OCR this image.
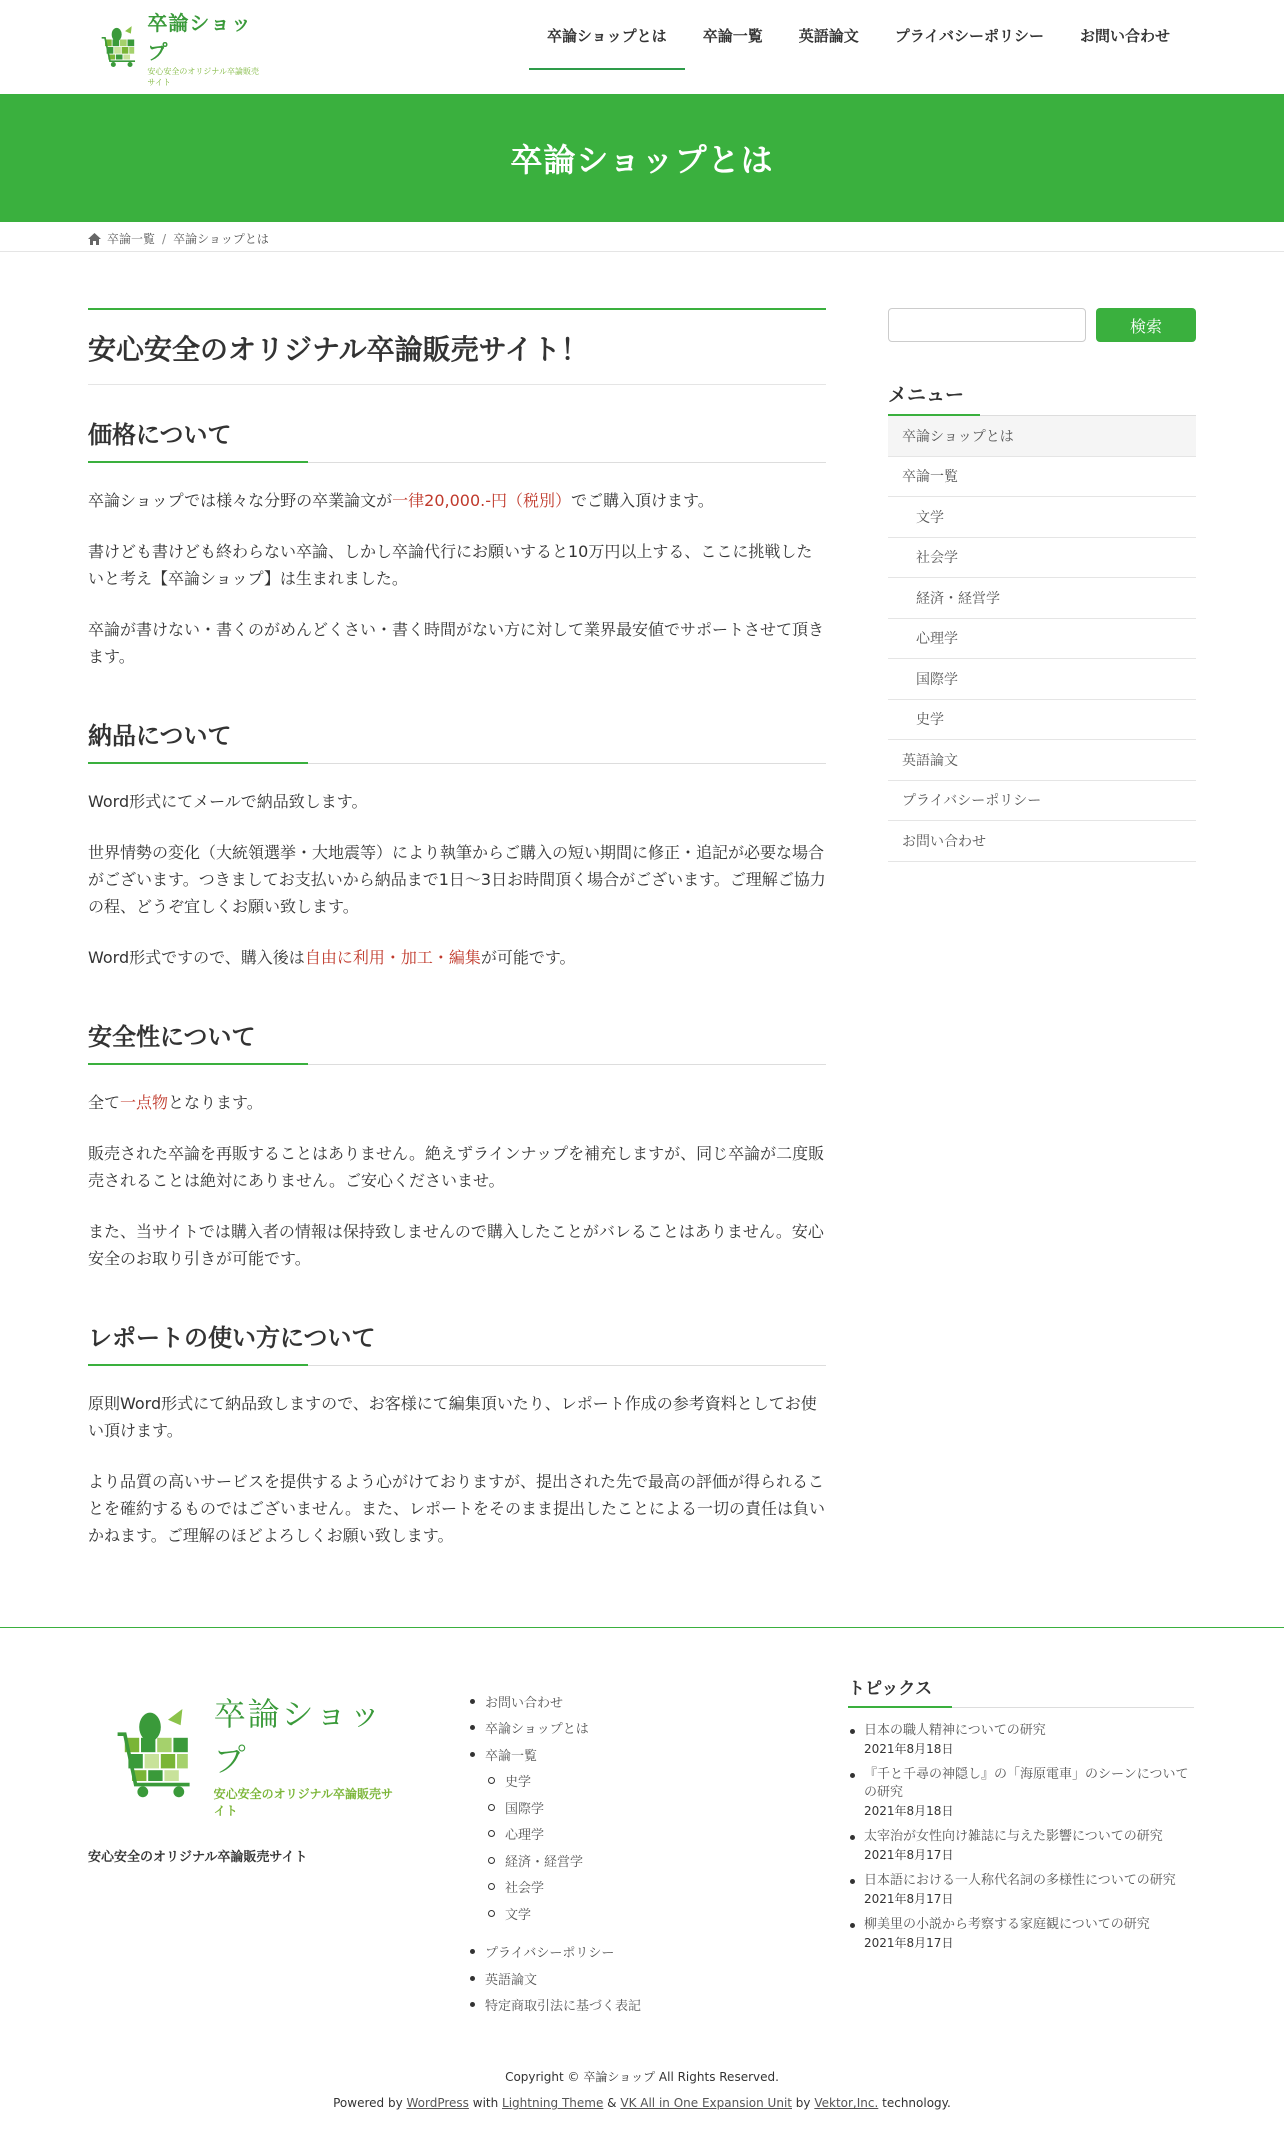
卒論ショップ
安心安全のオリジナル卒論販売サイト
卒論ショップとは	卒論一覧	英語論文	プライバシーポリシー	お問い合わせ
卒論ショップとは
卒論一覧 / 卒論ショップとは
安心安全のオリジナル卒論販売サイト！
価格について

卒論ショップでは様々な分野の卒業論文が一律20,000.-円（税別）でご購入頂けます。

書けども書けども終わらない卒論、しかし卒論代行にお願いすると10万円以上する、ここに挑戦したいと考え【卒論ショップ】は生まれました。

卒論が書けない・書くのがめんどくさい・書く時間がない方に対して業界最安値でサポートさせて頂きます。

納品について

Word形式にてメールで納品致します。

世界情勢の変化（大統領選挙・大地震等）により執筆からご購入の短い期間に修正・追記が必要な場合がございます。つきましてお支払いから納品まで1日〜3日お時間頂く場合がございます。ご理解ご協力の程、どうぞ宜しくお願い致します。

Word形式ですので、購入後は自由に利用・加工・編集が可能です。

安全性について

全て一点物となります。

販売された卒論を再販することはありません。絶えずラインナップを補充しますが、同じ卒論が二度販売されることは絶対にありません。ご安心くださいませ。

また、当サイトでは購入者の情報は保持致しませんので購入したことがバレることはありません。安心安全のお取り引きが可能です。

レポートの使い方について

原則Word形式にて納品致しますので、お客様にて編集頂いたり、レポート作成の参考資料としてお使い頂けます。

より品質の高いサービスを提供するよう心がけておりますが、提出された先で最高の評価が得られることを確約するものではございません。また、レポートをそのまま提出したことによる一切の責任は負いかねます。ご理解のほどよろしくお願い致します。

検索
メニュー
卒論ショップとは
卒論一覧
文学
社会学
経済・経営学
心理学
国際学
史学
英語論文
プライバシーポリシー
お問い合わせ
卒論ショップ
安心安全のオリジナル卒論販売サイト
安心安全のオリジナル卒論販売サイト
お問い合わせ
卒論ショップとは
卒論一覧
史学
国際学
心理学
経済・経営学
社会学
文学
プライバシーポリシー
英語論文
特定商取引法に基づく表記
トピックス
日本の職人精神についての研究
2021年8月18日
『千と千尋の神隠し』の「海原電車」のシーンについての研究
2021年8月18日
太宰治が女性向け雑誌に与えた影響についての研究
2021年8月17日
日本語における一人称代名詞の多様性についての研究
2021年8月17日
柳美里の小説から考察する家庭観についての研究
2021年8月17日
Copyright © 卒論ショップ All Rights Reserved.
Powered by WordPress with Lightning Theme & VK All in One Expansion Unit by Vektor,Inc. technology.
